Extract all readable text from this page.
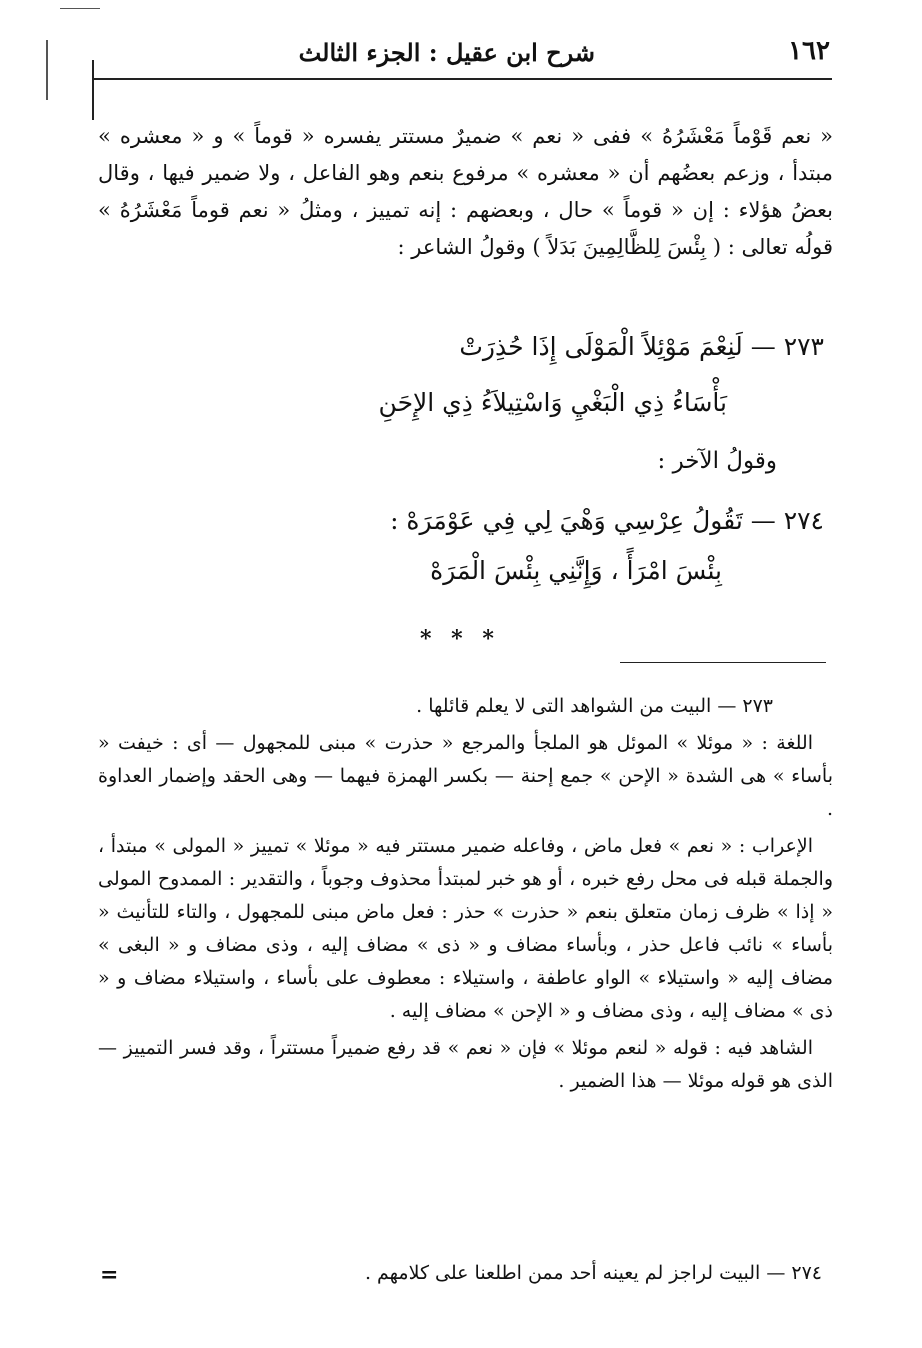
١٦٢
شرح ابن عقيل : الجزء الثالث

« نعم قَوْماً مَعْشَرُهُ » ففى « نعم » ضميرٌ مستتر يفسره « قوماً » و « معشره » مبتدأ ، وزعم بعضُهم أن « معشره » مرفوع بنعم وهو الفاعل ، ولا ضمير فيها ، وقال بعضُ هؤلاء : إن « قوماً » حال ، وبعضهم : إنه تمييز ، ومثلُ « نعم قوماً مَعْشَرُهُ » قولُه تعالى : ( بِئْسَ لِلظَّالِمِينَ بَدَلاً ) وقولُ الشاعر :

٢٧٣ — لَنِعْمَ مَوْئِلاً الْمَوْلَى إِذَا حُذِرَتْ
بَأْسَاءُ ذِي الْبَغْيِ وَاسْتِيلاَءُ ذِي الإِحَنِ
وقولُ الآخر :
٢٧٤ — تَقُولُ عِرْسِي وَهْيَ لِي فِي عَوْمَرَهْ :
بِئْسَ امْرَأً ، وَإِنَّنِي بِئْسَ الْمَرَهْ
* * *

٢٧٣ — البيت من الشواهد التى لا يعلم قائلها .

اللغة : « موئلا » الموئل هو الملجأ والمرجع « حذرت » مبنى للمجهول — أى : خيفت « بأساء » هى الشدة « الإحن » جمع إحنة — بكسر الهمزة فيهما — وهى الحقد وإضمار العداوة .

الإعراب : « نعم » فعل ماض ، وفاعله ضمير مستتر فيه « موئلا » تمييز « المولى » مبتدأ ، والجملة قبله فى محل رفع خبره ، أو هو خبر لمبتدأ محذوف وجوباً ، والتقدير : الممدوح المولى « إذا » ظرف زمان متعلق بنعم « حذرت » حذر : فعل ماض مبنى للمجهول ، والتاء للتأنيث « بأساء » نائب فاعل حذر ، وبأساء مضاف و « ذى » مضاف إليه ، وذى مضاف و « البغى » مضاف إليه « واستيلاء » الواو عاطفة ، واستيلاء : معطوف على بأساء ، واستيلاء مضاف و « ذى » مضاف إليه ، وذى مضاف و « الإحن » مضاف إليه .

الشاهد فيه : قوله « لنعم موئلا » فإن « نعم » قد رفع ضميراً مستتراً ، وقد فسر التمييز — الذى هو قوله موئلا — هذا الضمير .

٢٧٤ — البيت لراجز لم يعينه أحد ممن اطلعنا على كلامهم .
=
